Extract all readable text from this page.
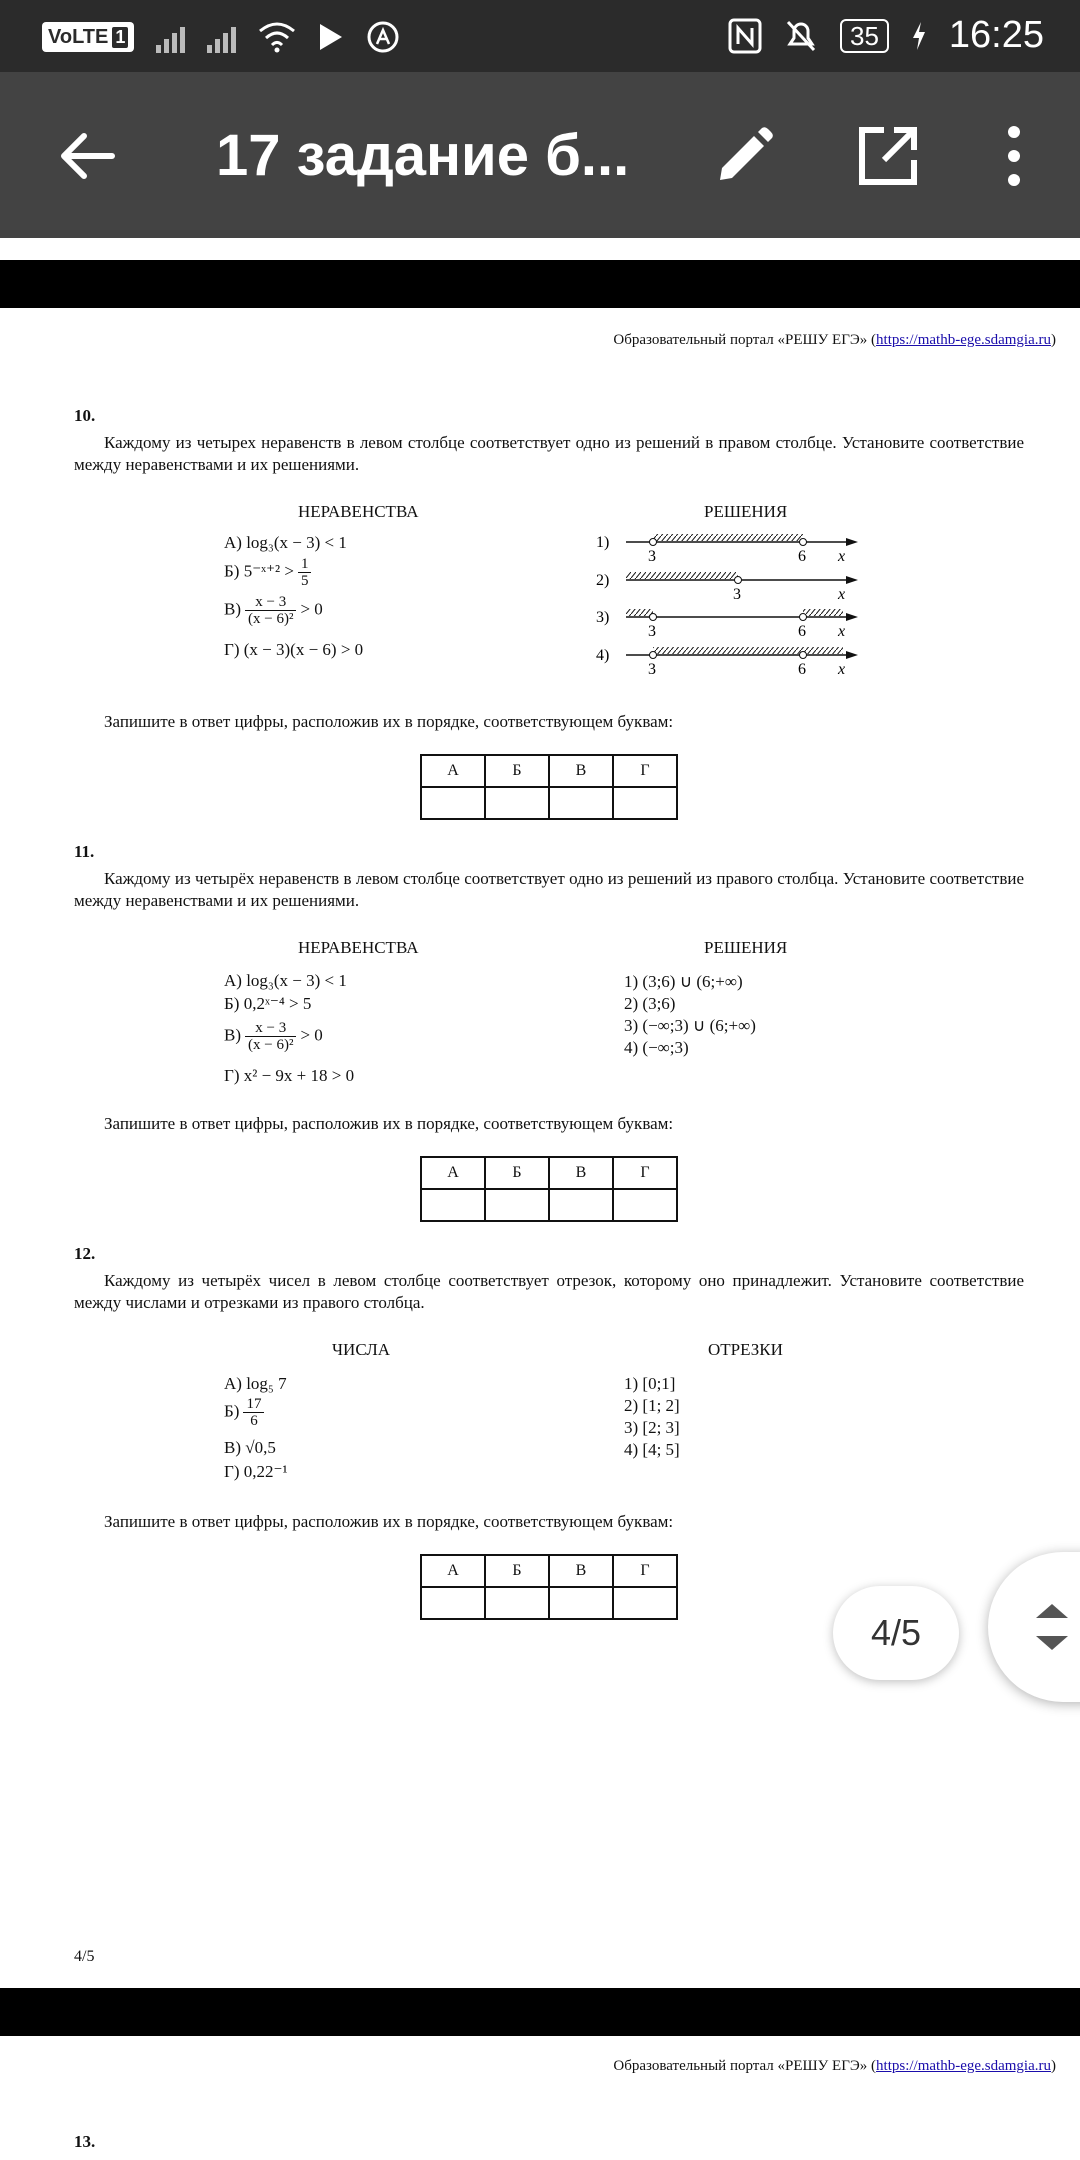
VoLTE 1	35 16:25
17 задание б...
Образовательный портал «РЕШУ ЕГЭ» (https://mathb-ege.sdamgia.ru)
10.
Каждому из четырех неравенств в левом столбце соответствует одно из решений в правом столбце. Установите соответствие между неравенствами и их решениями.
НЕРАВЕНСТВА	РЕШЕНИЯ
А) log₃(x − 3) < 1
Б) 5⁻ˣ⁺² > $\frac{1}{5}$
$В) \frac{x - 3}{\text{(x − 6)²}} > 0$
Г) (x − 3)(x − 6) > 0
1)
3	6 x
2)
3	x
3)
3	6 x
4)
3	6 x
Запишите в ответ цифры, расположив их в порядке, соответствующем буквам:
А	Б	В	Г

11.
Каждому из четырёх неравенств в левом столбце соответствует одно из решений из правого столбца. Установите соответствие между неравенствами и их решениями.
НЕРАВЕНСТВА	РЕШЕНИЯ
А) log₃(x − 3) < 1
Б) 0,2ˣ⁻⁴ > 5
$В) \frac{x - 3}{\text{(x − 6)²}} > 0$
Г) x² − 9x + 18 > 0
1) (3;6) ∪ (6;+∞)
2) (3;6)
3) (−∞;3) ∪ (6;+∞)
4) (−∞;3)
Запишите в ответ цифры, расположив их в порядке, соответствующем буквам:
А	Б	В	Г

12.
Каждому из четырёх чисел в левом столбце соответствует отрезок, которому оно принадлежит. Установите соответствие между числами и отрезками из правого столбца.
ЧИСЛА	ОТРЕЗКИ
А) log₅ 7
$Б) \frac{17}{6}$
В) √0,5
Г) 0,22⁻¹
1) [0;1]
2) [1; 2]
3) [2; 3]
4) [4; 5]
Запишите в ответ цифры, расположив их в порядке, соответствующем буквам:
А	Б	В	Г

4/5
Образовательный портал «РЕШУ ЕГЭ» (https://mathb-ege.sdamgia.ru)
13.
4/5
